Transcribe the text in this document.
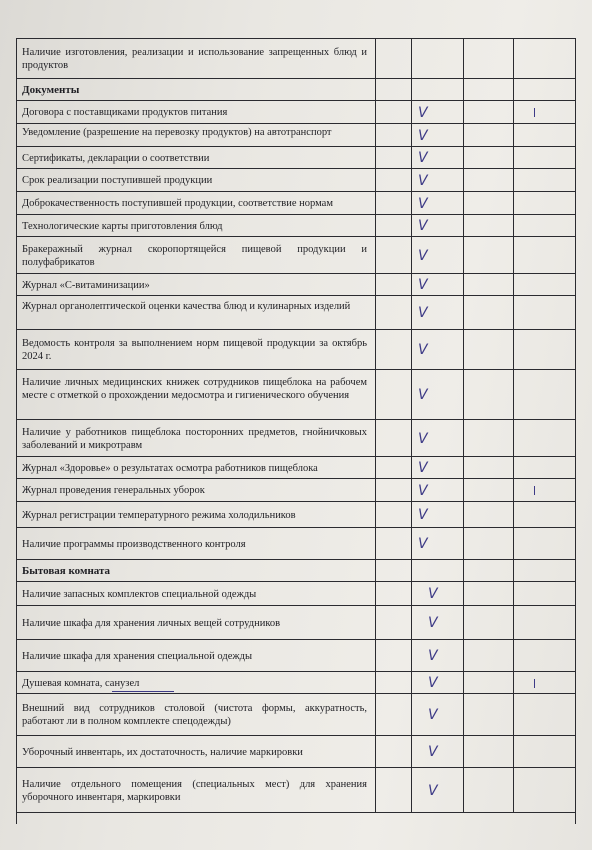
Наличие изготовления, реализации и использование запрещенных блюд и продуктов
Документы
Договора с поставщиками продуктов питания	V
Уведомление (разрешение на перевозку продуктов) на автотранспорт	V
Сертификаты, декларации о соответствии	V
Срок реализации поступившей продукции	V
Доброкачественность поступившей продукции, соответствие нормам	V
Технологические карты приготовления блюд	V
Бракеражный журнал скоропортящейся пищевой продукции и полуфабрикатов	V
Журнал «С-витаминизации»	V
Журнал органолептической оценки качества блюд и кулинарных изделий	V
Ведомость контроля за выполнением норм пищевой продукции за октябрь 2024 г.	V
Наличие личных медицинских книжек сотрудников пищеблока на рабочем месте с отметкой о прохождении медосмотра и гигиенического обучения	V
Наличие у работников пищеблока посторонних предметов, гнойничковых заболеваний и микротравм	V
Журнал «Здоровье» о результатах осмотра работников пищеблока	V
Журнал проведения генеральных уборок	V
Журнал регистрации температурного режима холодильников	V
Наличие программы производственного контроля	V
Бытовая комната
Наличие запасных комплектов специальной одежды	V
Наличие шкафа для хранения личных вещей сотрудников	V
Наличие шкафа для хранения специальной одежды	V
Душевая комната, санузел	V
Внешний вид сотрудников столовой (чистота формы, аккуратность, работают ли в полном комплекте спецодежды)	V
Уборочный инвентарь, их достаточность, наличие маркировки	V
Наличие отдельного помещения (специальных мест) для хранения уборочного инвентаря, маркировки	V
